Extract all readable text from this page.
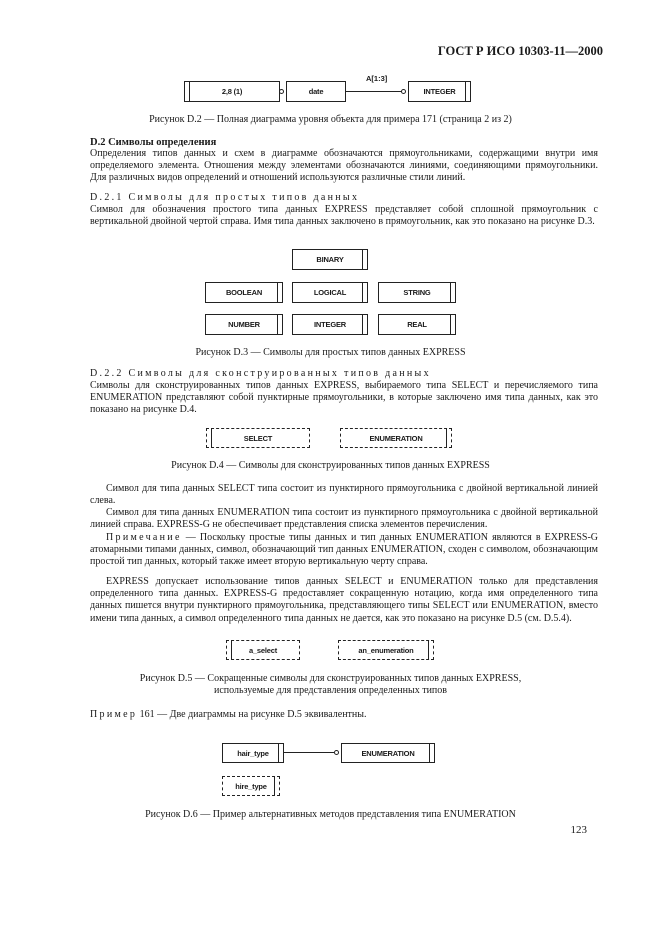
ГОСТ Р ИСО 10303-11—2000
2,8 (1)	date
A[1:3]
INTEGER
Рисунок D.2 — Полная диаграмма уровня объекта для примера 171 (страница 2 из 2)
D.2 Символы определения
Определения типов данных и схем в диаграмме обозначаются прямоугольниками, содержащими внутри имя определяемого элемента. Отношения между элементами обозначаются линиями, соединяющими прямоугольники. Для различных видов определений и отношений используются различные стили линий.
D.2.1 Символы для простых типов данных
Символ для обозначения простого типа данных EXPRESS представляет собой сплошной прямоугольник с вертикальной двойной чертой справа. Имя типа данных заключено в прямоугольник, как это показано на рисунке D.3.
BINARY
BOOLEAN	LOGICAL	STRING
NUMBER	INTEGER	REAL
Рисунок D.3 — Символы для простых типов данных EXPRESS
D.2.2 Символы для сконструированных типов данных
Символы для сконструированных типов данных EXPRESS, выбираемого типа SELECT и перечисляемого типа ENUMERATION представляют собой пунктирные прямоугольники, в которые заключено имя типа данных, как это показано на рисунке D.4.
SELECT	ENUMERATION
Рисунок D.4 — Символы для сконструированных типов данных EXPRESS
Символ для типа данных SELECT типа состоит из пунктирного прямоугольника с двойной вертикальной линией слева.
Символ для типа данных ENUMERATION типа состоит из пунктирного прямоугольника с двойной вертикальной линией справа. EXPRESS-G не обеспечивает представления списка элементов перечисления.
Примечание — Поскольку простые типы данных и тип данных ENUMERATION являются в EXPRESS-G атомарными типами данных, символ, обозначающий тип данных ENUMERATION, сходен с символом, обозначающим простой тип данных, который также имеет вторую вертикальную черту справа.
EXPRESS допускает использование типов данных SELECT и ENUMERATION только для представления определенного типа данных. EXPRESS-G предоставляет сокращенную нотацию, когда имя определенного типа данных пишется внутри пунктирного прямоугольника, представляющего типы SELECT или ENUMERATION, вместо имени типа данных, а символ определенного типа данных не дается, как это показано на рисунке D.5 (см. D.5.4).
a_select	an_enumeration
Рисунок D.5 — Сокращенные символы для сконструированных типов данных EXPRESS,
используемые для представления определенных типов
Пример 161 — Две диаграммы на рисунке D.5 эквивалентны.
hair_type	ENUMERATION
hire_type
Рисунок D.6 — Пример альтернативных методов представления типа ENUMERATION
123
